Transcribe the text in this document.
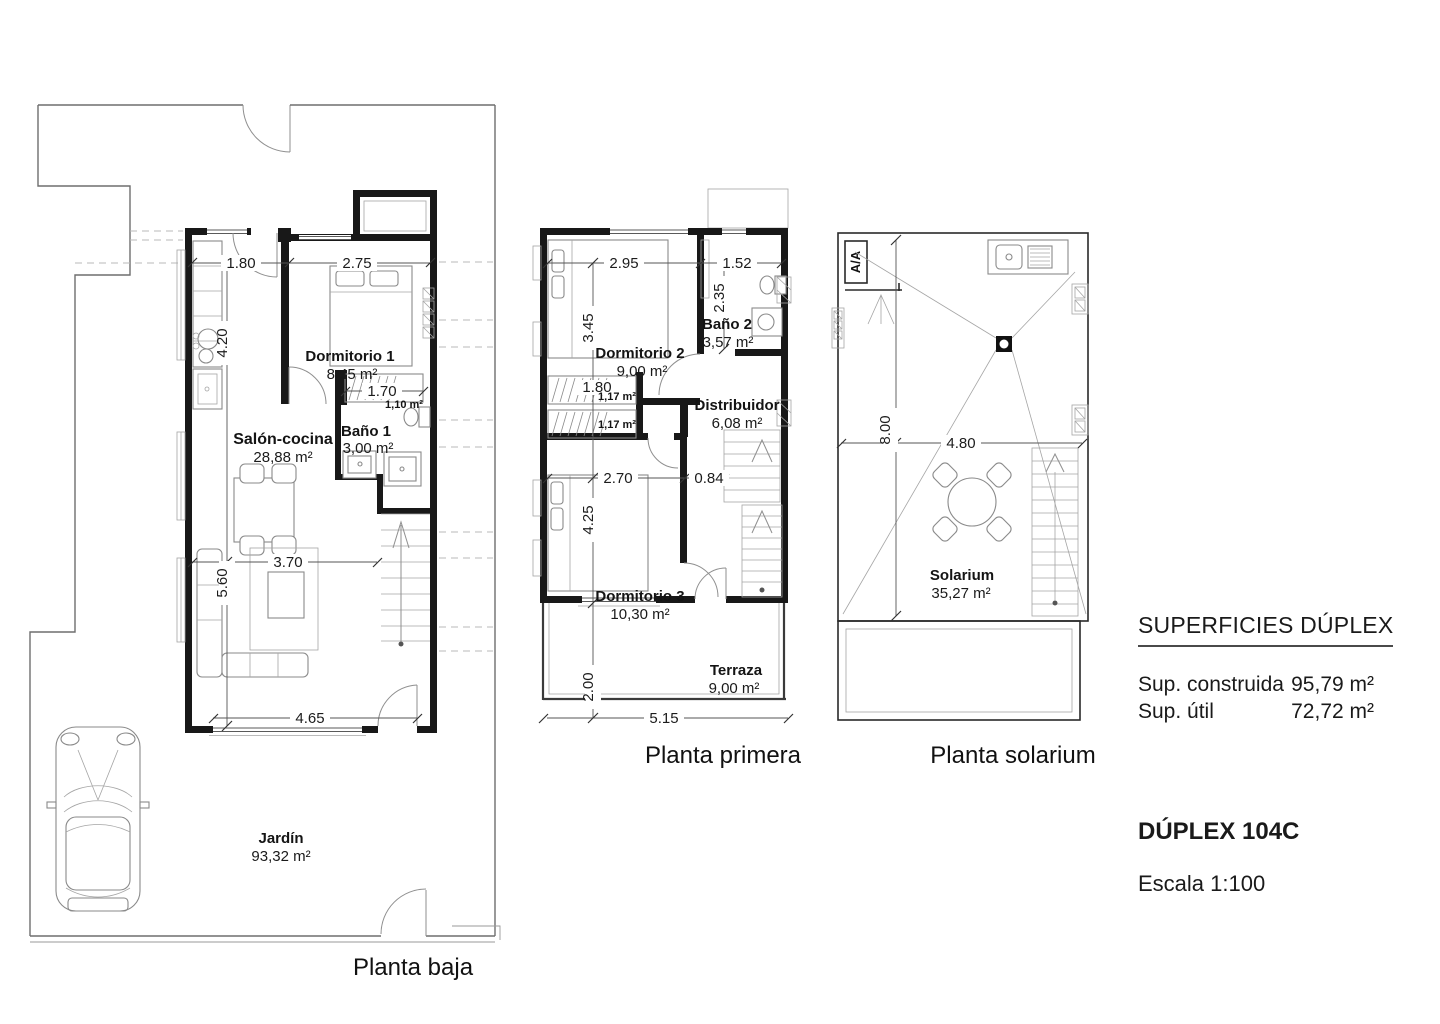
1.80	2.75
4.20
1.70
3.70
5.60
4.65
Dormitorio 1
8,45 m²
1,10 m²
Baño 1
3,00 m²
Salón-cocina
28,88 m²
Jardín
93,32 m²
Planta baja
2.95	1.52
3.45
2.35
1.80
2.70	0.84
4.25
2.00
5.15
Dormitorio 2
9,00 m²
Baño 2
3,57 m²
1,17 m²
1,17 m²
Distribuidor
6,08 m²
Dormitorio 3
10,30 m²
Terraza
9,00 m²
Planta primera
A/A
8.00	4.80
Solarium
35,27 m²
Planta solarium
SUPERFICIES DÚPLEX
Sup. construida 95,79 m²
Sup. útil	72,72 m²
DÚPLEX 104C
Escala 1:100
